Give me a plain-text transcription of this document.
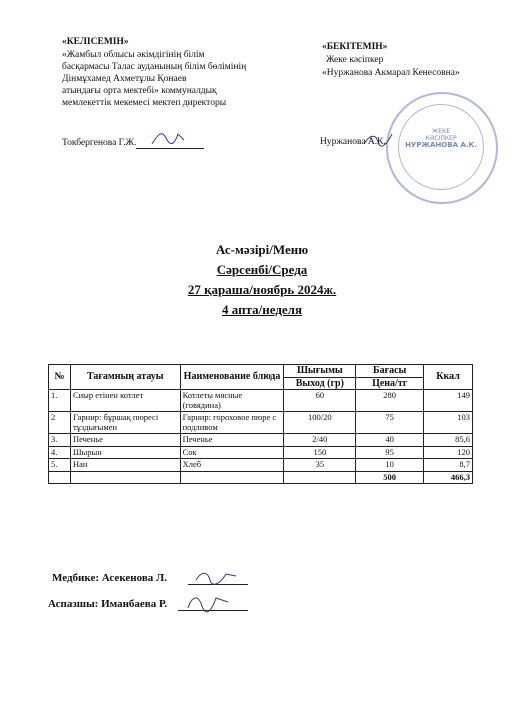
«КЕЛІСЕМІН»
«Жамбыл облысы әкімдігінің білім
басқармасы Талас ауданының білім бөлімінің
Дінмұхамед Ахметұлы Қонаев
атындағы орта мектебі» коммуналдық
мемлекеттік мекемесі мектеп директоры
Токбергенова Г.Ж.
«БЕКІТЕМІН»
Жеке кәсіпкер
«Нуржанова Акмарал Кенесовна»
Нуржанова А.К.
ЖЕКЕ
КӘСІПКЕР
НУРЖАНОВА А.К.
Ас-мәзірі/Меню
Сәрсенбі/Среда
27 қараша/ноябрь 2024ж.
4 апта/неделя
№	Тағамның атауы	Наименование блюда	Шығымы	Бағасы	Ккал
			Выход (гр)	Цена/тг	
1.	Сиыр етінен котлет	Котлеты мясные (говядина)	60	280	149
2	Гарнир: бұршақ пюресі тұздығымен	Гарнир: гороховое пюре с подливом	100/20	75	103
3.	Печенье	Печенье	2/40	40	85,6
4.	Шырын	Сок	150	95	120
5.	Нан	Хлеб	35	10	8,7
				500	466,3
Медбике: Асекенова Л.
Аспазшы: Иманбаева Р.
